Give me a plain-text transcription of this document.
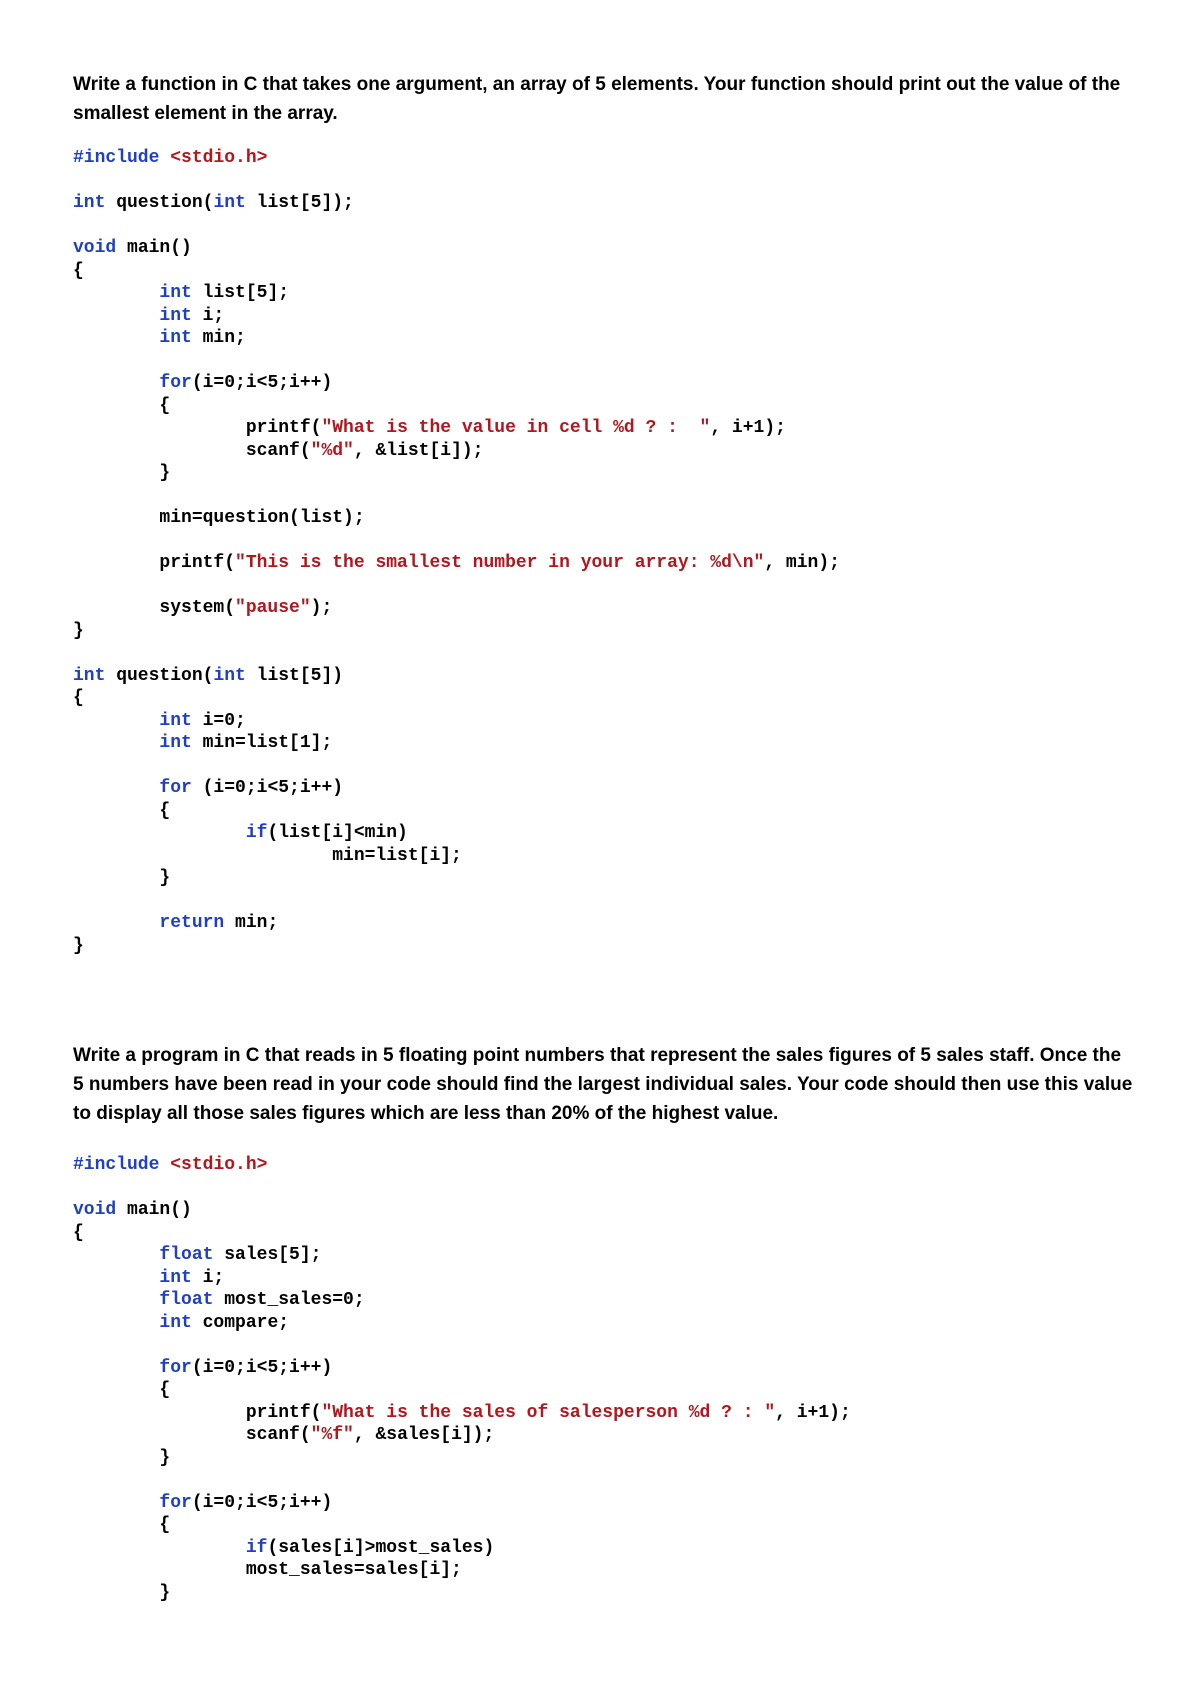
Write a function in C that takes one argument, an array of 5 elements. Your function should print out the value of the smallest element in the array.

#include <stdio.h>
int question(int list[5]);
void main()
{
int list[5];
int i;
int min;
for(i=0;i<5;i++)
{
printf("What is the value in cell %d ? :  ", i+1);
scanf("%d", &list[i]);
}
min=question(list);
printf("This is the smallest number in your array: %d\n", min);
system("pause");
}
int question(int list[5])
{
int i=0;
int min=list[1];
for (i=0;i<5;i++)
{
if(list[i]<min)
min=list[i];
}
return min;
}

Write a program in C that reads in 5 floating point numbers that represent the sales figures of 5 sales staff. Once the 5 numbers have been read in your code should find the largest individual sales. Your code should then use this value to display all those sales figures which are less than 20% of the highest value.

#include <stdio.h>
void main()
{
float sales[5];
int i;
float most_sales=0;
int compare;
for(i=0;i<5;i++)
{
printf("What is the sales of salesperson %d ? : ", i+1);
scanf("%f", &sales[i]);
}
for(i=0;i<5;i++)
{
if(sales[i]>most_sales)
most_sales=sales[i];
}
